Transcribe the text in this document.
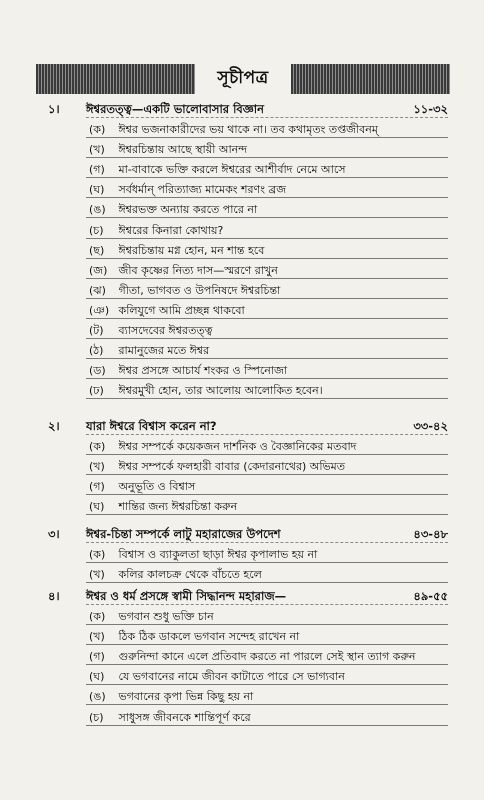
সূচীপত্র
১। ঈশ্বরতত্ত্ব—একটি ভালোবাসার বিজ্ঞান	১১-৩২
(ক) ঈশ্বর ভজনাকারীদের ভয় থাকে না। তব কথামৃতং তপ্তজীবনম্
(খ) ঈশ্বরচিন্তায় আছে স্থায়ী আনন্দ
(গ) মা-বাবাকে ভক্তি করলে ঈশ্বরের আশীর্বাদ নেমে আসে
(ঘ) সর্বধর্মান্‌ পরিত্যাজ্য মামেকং শরণং ব্রজ
(ঙ) ঈশ্বরভক্ত অন্যায় করতে পারে না
(চ) ঈশ্বরের কিনারা কোথায়?
(ছ) ঈশ্বরচিন্তায় মগ্ন হোন, মন শান্ত হবে
(জ) জীব কৃষ্ণের নিত্য দাস—স্মরণে রাখুন
(ঝ) গীতা, ভাগবত ও উপনিষদে ঈশ্বরচিন্তা
(ঞ) কলিযুগে আমি প্রচ্ছন্ন থাকবো
(ট) ব্যাসদেবের ঈশ্বরতত্ত্ব
(ঠ) রামানুজের মতে ঈশ্বর
(ড) ঈশ্বর প্রসঙ্গে আচার্য শংকর ও স্পিনোজা
(ঢ) ঈশ্বরমুখী হোন, তার আলোয় আলোকিত হবেন।
২। যারা ঈশ্বরে বিশ্বাস করেন না?	৩৩-৪২
(ক) ঈশ্বর সম্পর্কে কয়েকজন দার্শনিক ও বৈজ্ঞানিকের মতবাদ
(খ) ঈশ্বর সম্পর্কে ফলহারী বাবার (কেদারনাথের) অভিমত
(গ) অনুভূতি ও বিশ্বাস
(ঘ) শান্তির জন্য ঈশ্বরচিন্তা করুন
৩। ঈশ্বর-চিন্তা সম্পর্কে লাটু মহারাজের উপদেশ	৪৩-৪৮
(ক) বিশ্বাস ও ব্যাকুলতা ছাড়া ঈশ্বর কৃপালাভ হয় না
(খ) কলির কালচক্র থেকে বাঁচতে হলে
৪। ঈশ্বর ও ধর্ম প্রসঙ্গে স্বামী সিদ্ধানন্দ মহারাজ—	৪৯-৫৫
(ক) ভগবান শুধু ভক্তি চান
(খ) ঠিক ঠিক ডাকলে ভগবান সন্দেহ রাখেন না
(গ) গুরুনিন্দা কানে এলে প্রতিবাদ করতে না পারলে সেই স্থান ত্যাগ করুন
(ঘ) যে ভগবানের নামে জীবন কাটাতে পারে সে ভাগ্যবান
(ঙ) ভগবানের কৃপা ভিন্ন কিছু হয় না
(চ) সাধুসঙ্গ জীবনকে শান্তিপূর্ণ করে
